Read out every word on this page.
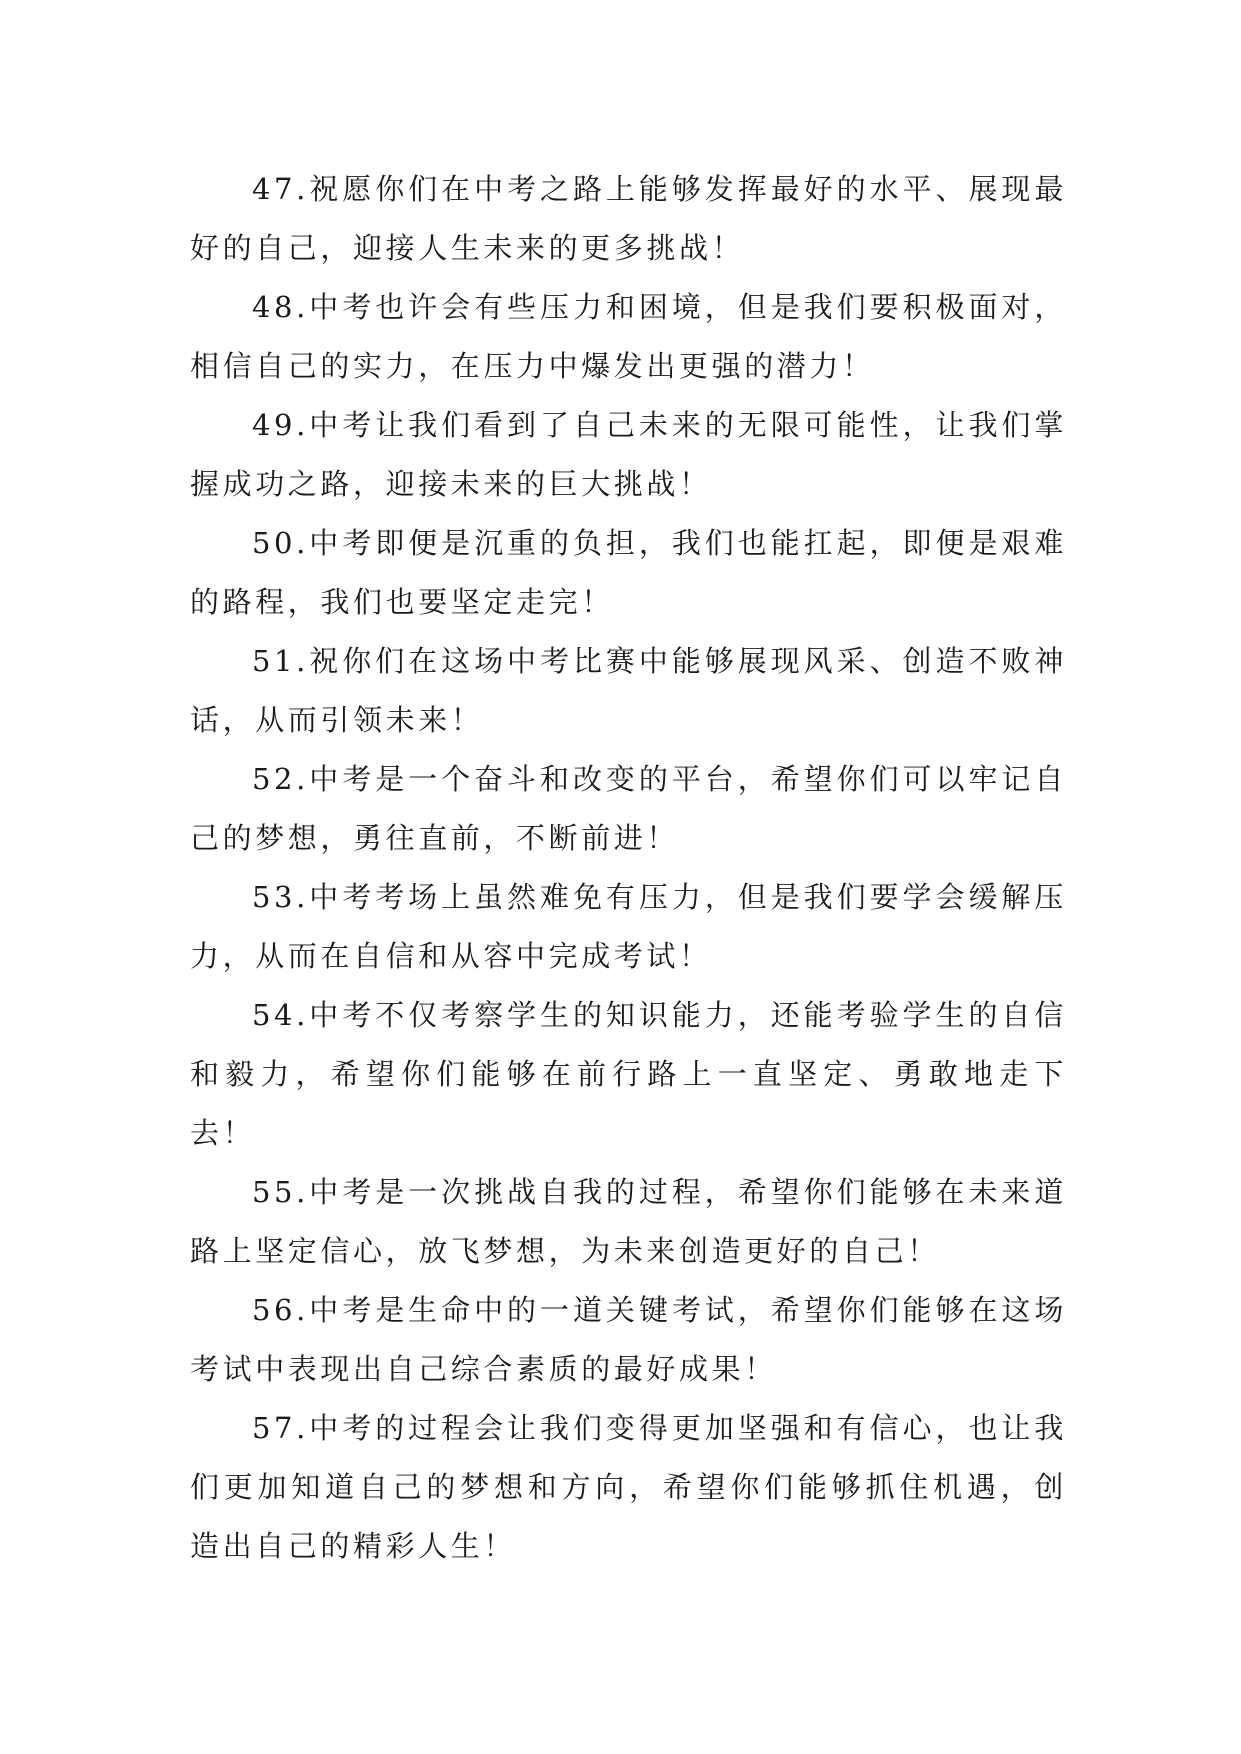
47.祝愿你们在中考之路上能够发挥最好的水平、展现最好的自己，迎接人生未来的更多挑战！

48.中考也许会有些压力和困境，但是我们要积极面对，相信自己的实力，在压力中爆发出更强的潜力！

49.中考让我们看到了自己未来的无限可能性，让我们掌握成功之路，迎接未来的巨大挑战！

50.中考即便是沉重的负担，我们也能扛起，即便是艰难的路程，我们也要坚定走完！

51.祝你们在这场中考比赛中能够展现风采、创造不败神话，从而引领未来！

52.中考是一个奋斗和改变的平台，希望你们可以牢记自己的梦想，勇往直前，不断前进！

53.中考考场上虽然难免有压力，但是我们要学会缓解压力，从而在自信和从容中完成考试！

54.中考不仅考察学生的知识能力，还能考验学生的自信和毅力，希望你们能够在前行路上一直坚定、勇敢地走下去！

55.中考是一次挑战自我的过程，希望你们能够在未来道路上坚定信心，放飞梦想，为未来创造更好的自己！

56.中考是生命中的一道关键考试，希望你们能够在这场考试中表现出自己综合素质的最好成果！

57.中考的过程会让我们变得更加坚强和有信心，也让我们更加知道自己的梦想和方向，希望你们能够抓住机遇，创造出自己的精彩人生！
